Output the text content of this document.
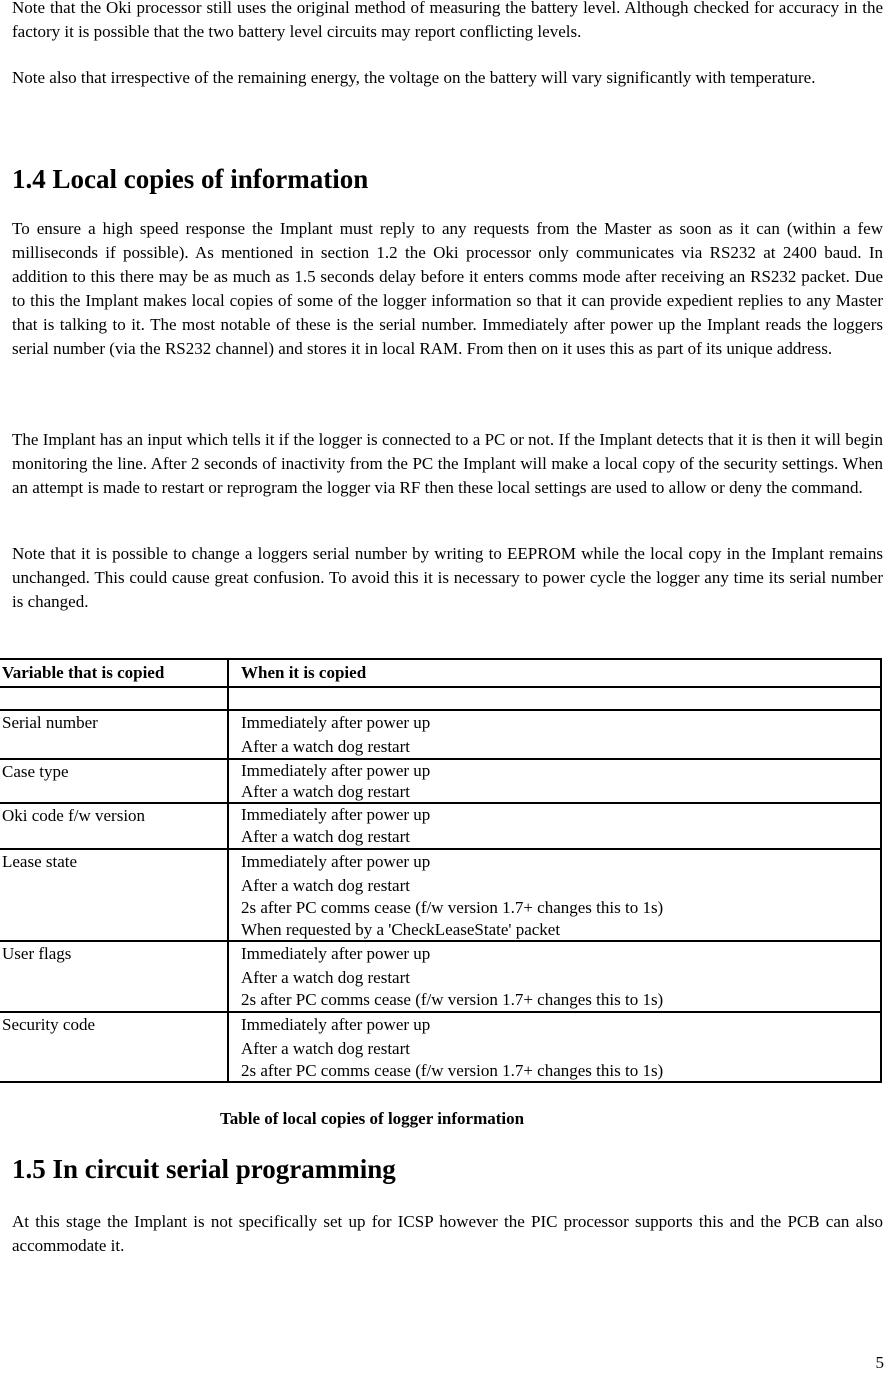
Note that the Oki processor still uses the original method of measuring the battery level. Although checked for accuracy in the factory it is possible that the two battery level circuits may report conflicting levels.

Note also that irrespective of the remaining energy, the voltage on the battery will vary significantly with temperature.

1.4 Local copies of information

To ensure a high speed response the Implant must reply to any requests from the Master as soon as it can (within a few milliseconds if possible). As mentioned in section 1.2 the Oki processor only communicates via RS232 at 2400 baud. In addition to this there may be as much as 1.5 seconds delay before it enters comms mode after receiving an RS232 packet. Due to this the Implant makes local copies of some of the logger information so that it can provide expedient replies to any Master that is talking to it. The most notable of these is the serial number. Immediately after power up the Implant reads the loggers serial number (via the RS232 channel) and stores it in local RAM. From then on it uses this as part of its unique address.

The Implant has an input which tells it if the logger is connected to a PC or not. If the Implant detects that it is then it will begin monitoring the line. After 2 seconds of inactivity from the PC the Implant will make a local copy of the security settings. When an attempt is made to restart or reprogram the logger via RF then these local settings are used to allow or deny the command.

Note that it is possible to change a loggers serial number by writing to EEPROM while the local copy in the Implant remains unchanged. This could cause great confusion. To avoid this it is necessary to power cycle the logger any time its serial number is changed.

Variable that is copied	When it is copied

Serial number	Immediately after power up
After a watch dog restart

Case type	Immediately after power up
After a watch dog restart

Oki code f/w version	Immediately after power up
After a watch dog restart

Lease state	Immediately after power up
After a watch dog restart
2s after PC comms cease (f/w version 1.7+ changes this to 1s)
When requested by a 'CheckLeaseState' packet

User flags	Immediately after power up
After a watch dog restart
2s after PC comms cease (f/w version 1.7+ changes this to 1s)

Security code	Immediately after power up
After a watch dog restart
2s after PC comms cease (f/w version 1.7+ changes this to 1s)
Table of local copies of logger information
1.5 In circuit serial programming

At this stage the Implant is not specifically set up for ICSP however the PIC processor supports this and the PCB can also accommodate it.

5
